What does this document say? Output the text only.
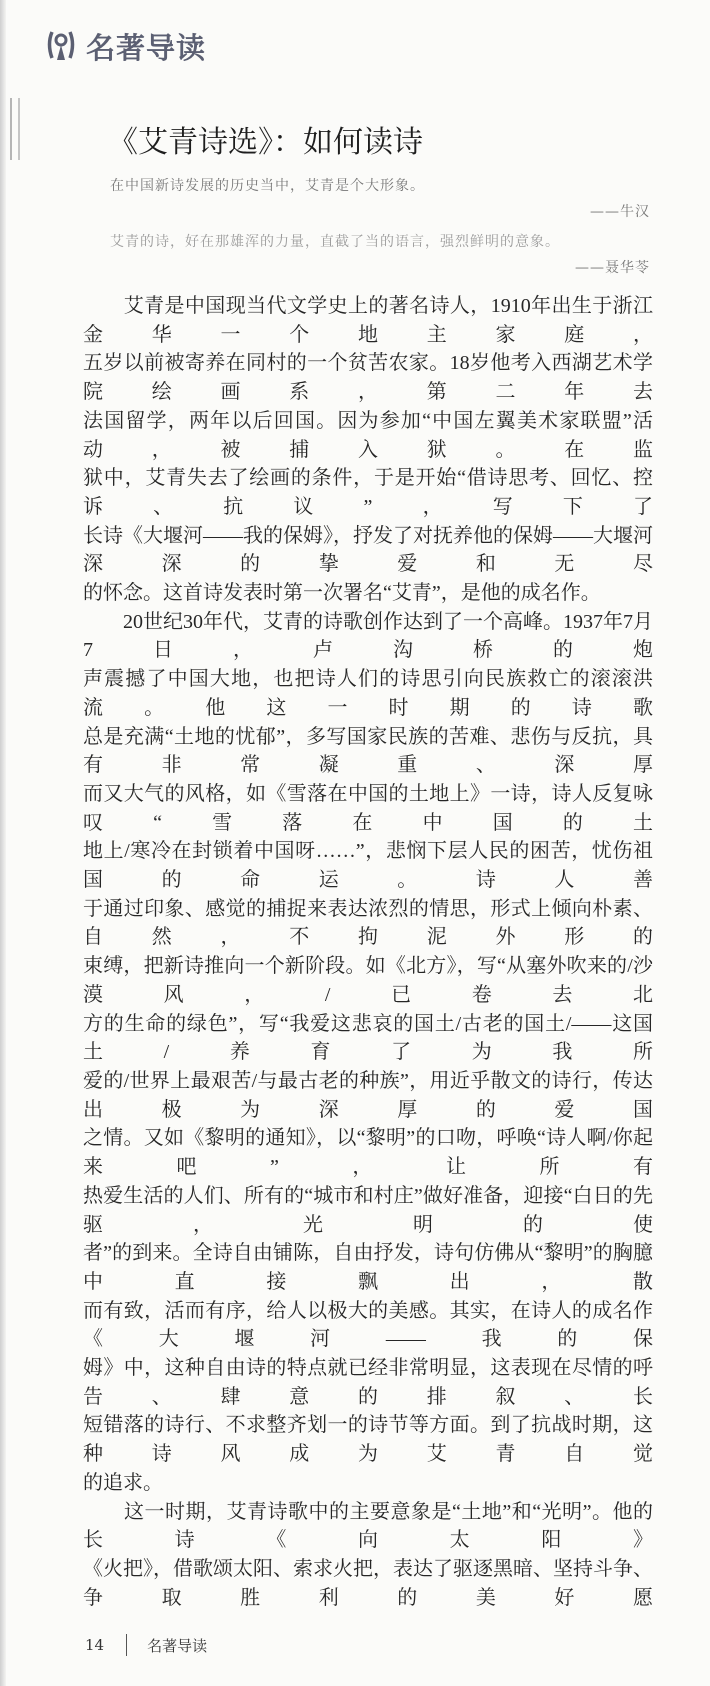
名著导读
《艾青诗选》：如何读诗
在中国新诗发展的历史当中，艾青是个大形象。
——牛汉
艾青的诗，好在那雄浑的力量，直截了当的语言，强烈鲜明的意象。
——聂华苓
　　艾青是中国现当代文学史上的著名诗人，1910年出生于浙江金华一个地主家庭，
五岁以前被寄养在同村的一个贫苦农家。18岁他考入西湖艺术学院绘画系，第二年去
法国留学，两年以后回国。因为参加“中国左翼美术家联盟”活动，被捕入狱。在监
狱中，艾青失去了绘画的条件，于是开始“借诗思考、回忆、控诉、抗议”，写下了
长诗《大堰河——我的保姆》，抒发了对抚养他的保姆——大堰河深深的挚爱和无尽
的怀念。这首诗发表时第一次署名“艾青”，是他的成名作。
　　20世纪30年代，艾青的诗歌创作达到了一个高峰。1937年7月7日，卢沟桥的炮
声震撼了中国大地，也把诗人们的诗思引向民族救亡的滚滚洪流。他这一时期的诗歌
总是充满“土地的忧郁”，多写国家民族的苦难、悲伤与反抗，具有非常凝重、深厚
而又大气的风格，如《雪落在中国的土地上》一诗，诗人反复咏叹“雪落在中国的土
地上/寒冷在封锁着中国呀……”，悲悯下层人民的困苦，忧伤祖国的命运。诗人善
于通过印象、感觉的捕捉来表达浓烈的情思，形式上倾向朴素、自然，不拘泥外形的
束缚，把新诗推向一个新阶段。如《北方》，写“从塞外吹来的/沙漠风，/已卷去北
方的生命的绿色”，写“我爱这悲哀的国土/古老的国土/——这国土/养育了为我所
爱的/世界上最艰苦/与最古老的种族”，用近乎散文的诗行，传达出极为深厚的爱国
之情。又如《黎明的通知》，以“黎明”的口吻，呼唤“诗人啊/你起来吧”，让所有
热爱生活的人们、所有的“城市和村庄”做好准备，迎接“白日的先驱，光明的使
者”的到来。全诗自由铺陈，自由抒发，诗句仿佛从“黎明”的胸臆中直接飘出，散
而有致，活而有序，给人以极大的美感。其实，在诗人的成名作《大堰河——我的保
姆》中，这种自由诗的特点就已经非常明显，这表现在尽情的呼告、肆意的排叙、长
短错落的诗行、不求整齐划一的诗节等方面。到了抗战时期，这种诗风成为艾青自觉
的追求。
　　这一时期，艾青诗歌中的主要意象是“土地”和“光明”。他的长诗《向太阳》
《火把》，借歌颂太阳、索求火把，表达了驱逐黑暗、坚持斗争、争取胜利的美好愿
14	名著导读
